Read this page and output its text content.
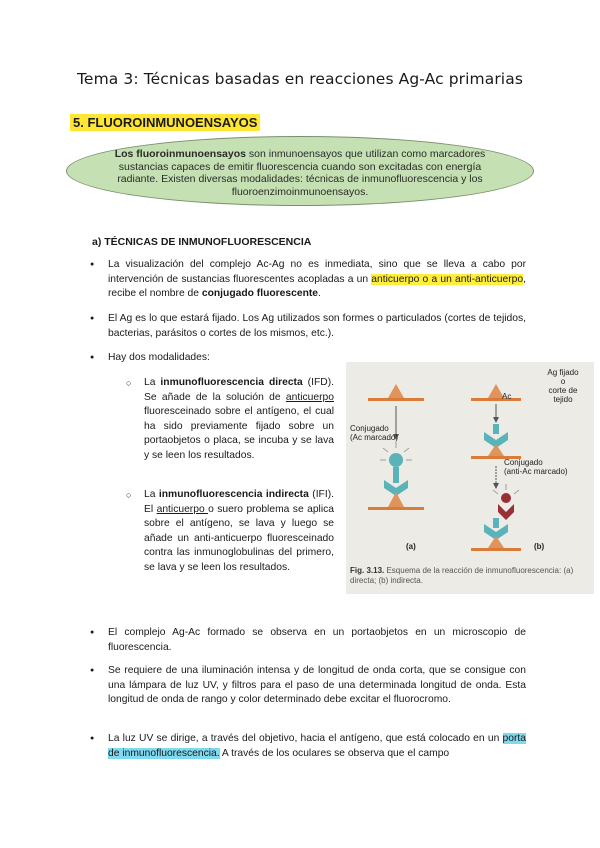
Tema 3: Técnicas basadas en reacciones Ag-Ac primarias
5. FLUOROINMUNOENSAYOS
Los fluoroinmunoensayos son inmunoensayos que utilizan como marcadores sustancias capaces de emitir fluorescencia cuando son excitadas con energía radiante. Existen diversas modalidades: técnicas de inmunofluorescencia y los fluoroenzimoinmunoensayos.
a) TÉCNICAS DE INMUNOFLUORESCENCIA
● La visualización del complejo Ac-Ag no es inmediata, sino que se lleva a cabo por intervención de sustancias fluorescentes acopladas a un anticuerpo o a un anti-anticuerpo, recibe el nombre de conjugado fluorescente.
● El Ag es lo que estará fijado. Los Ag utilizados son formes o particulados (cortes de tejidos, bacterias, parásitos o cortes de los mismos, etc.).
● Hay dos modalidades:
○ La inmunofluorescencia directa (IFD). Se añade de la solución de anticuerpo fluoresceinado sobre el antígeno, el cual ha sido previamente fijado sobre un portaobjetos o placa, se incuba y se lava y se leen los resultados.
○ La inmunofluorescencia indirecta (IFI). El anticuerpo o suero problema se aplica sobre el antígeno, se lava y luego se añade un anti-anticuerpo fluoresceinado contra las inmunoglobulinas del primero, se lava y se leen los resultados.
Conjugado
(Ac marcado)
Ac
Ag fijado
o
corte de tejido
Conjugado
(anti-Ac marcado)
(a)	(b)
Fig. 3.13. Esquema de la reacción de inmunofluorescencia: (a) directa; (b) indirecta.
● El complejo Ag-Ac formado se observa en un portaobjetos en un microscopio de fluorescencia.
● Se requiere de una iluminación intensa y de longitud de onda corta, que se consigue con una lámpara de luz UV, y filtros para el paso de una determinada longitud de onda. Esta longitud de onda de rango y color determinado debe excitar el fluorocromo.
● La luz UV se dirige, a través del objetivo, hacia el antígeno, que está colocado en un porta de inmunofluorescencia. A través de los oculares se observa que el campo
